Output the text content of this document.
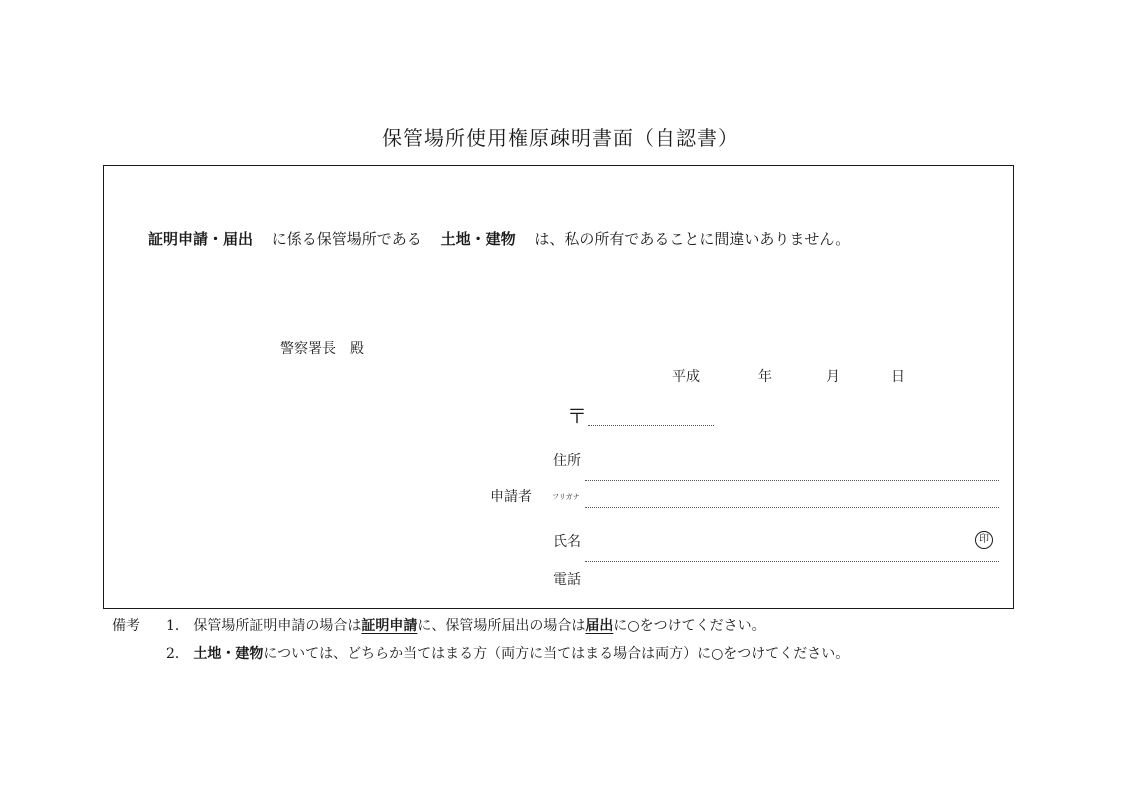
保管場所使用権原疎明書面（自認書）
証明申請・届出 に係る保管場所である 土地・建物 は、私の所有であることに間違いありません。
警察署長　殿
平成	年	月	日
〒
住所
申請者	フリガナ
氏名	印
電話
備考 1． 保管場所証明申請の場合は証明申請に、保管場所届出の場合は届出に○をつけてください。
2． 土地・建物については、どちらか当てはまる方（両方に当てはまる場合は両方）に○をつけてください。
